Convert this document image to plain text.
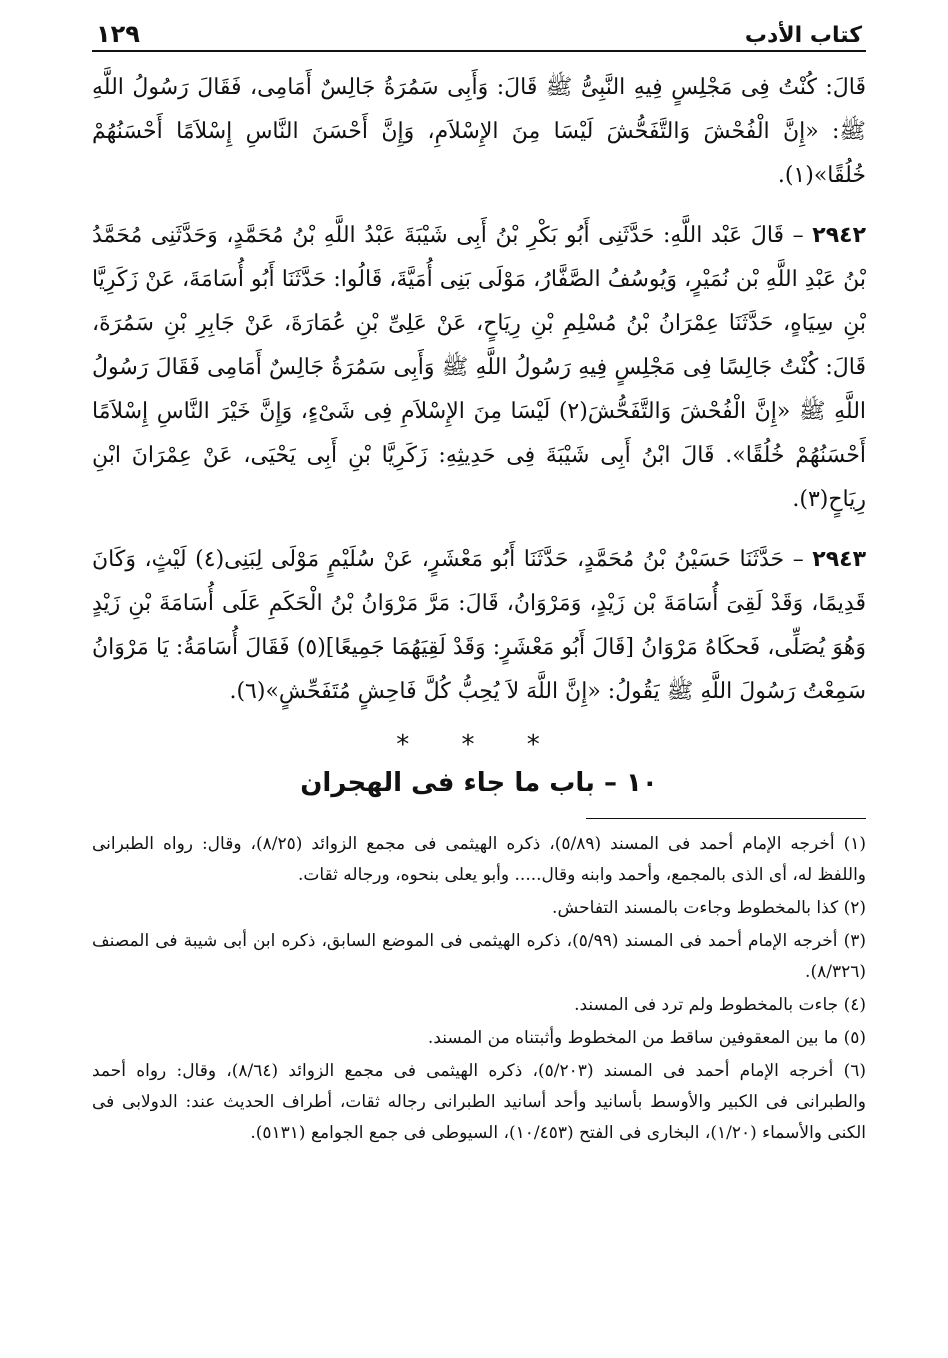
كتاب الأدب
١٢٩

قَالَ: كُنْتُ فِى مَجْلِسٍ فِيهِ النَّبِىُّ ﷺ قَالَ: وَأَبِى سَمُرَةُ جَالِسٌ أَمَامِى، فَقَالَ رَسُولُ اللَّهِ ﷺ: «إِنَّ الْفُحْشَ وَالتَّفَحُّشَ لَيْسَا مِنَ الإِسْلاَمِ، وَإِنَّ أَحْسَنَ النَّاسِ إِسْلاَمًا أَحْسَنُهُمْ خُلُقًا»(١).

٢٩٤٢ – قَالَ عَبْد اللَّهِ: حَدَّثَنِى أَبُو بَكْرِ بْنُ أَبِى شَيْبَةَ عَبْدُ اللَّهِ بْنُ مُحَمَّدٍ، وَحَدَّثَنِى مُحَمَّدُ بْنُ عَبْدِ اللَّهِ بْن نُمَيْرٍ، وَيُوسُفُ الصَّفَّارُ، مَوْلَى بَنِى أُمَيَّةَ، قَالُوا: حَدَّثَنَا أَبُو أُسَامَةَ، عَنْ زَكَرِيَّا بْنِ سِيَاهٍ، حَدَّثَنَا عِمْرَانُ بْنُ مُسْلِمِ بْنِ رِيَاحٍ، عَنْ عَلِىِّ بْنِ عُمَارَةَ، عَنْ جَابِرِ بْنِ سَمُرَةَ، قَالَ: كُنْتُ جَالِسًا فِى مَجْلِسٍ فِيهِ رَسُولُ اللَّهِ ﷺ وَأَبِى سَمُرَةُ جَالِسٌ أَمَامِى فَقَالَ رَسُولُ اللَّهِ ﷺ «إِنَّ الْفُحْشَ وَالتَّفَحُّشَ(٢) لَيْسَا مِنَ الإِسْلاَمِ فِى شَىْءٍ، وَإِنَّ خَيْرَ النَّاسِ إِسْلاَمًا أَحْسَنُهُمْ خُلُقًا». قَالَ ابْنُ أَبِى شَيْبَةَ فِى حَدِيثِهِ: زَكَرِيَّا بْنِ أَبِى يَحْيَى، عَنْ عِمْرَانَ ابْنِ رِيَاحٍ(٣).

٢٩٤٣ – حَدَّثَنَا حَسَيْنُ بْنُ مُحَمَّدٍ، حَدَّثَنَا أَبُو مَعْشَرٍ، عَنْ سُلَيْمٍ مَوْلَى لِبَنِى(٤) لَيْثٍ، وَكَانَ قَدِيمًا، وَقَدْ لَقِىَ أُسَامَةَ بْن زَيْدٍ، وَمَرْوَانُ، قَالَ: مَرَّ مَرْوَانُ بْنُ الْحَكَمِ عَلَى أُسَامَةَ بْنِ زَيْدٍ وَهُوَ يُصَلِّى، فَحكَاهُ مَرْوَانُ [قَالَ أَبُو مَعْشَرٍ: وَقَدْ لَقِيَهُمَا جَمِيعًا](٥) فَقَالَ أُسَامَةُ: يَا مَرْوَانُ سَمِعْتُ رَسُولَ اللَّهِ ﷺ يَقُولُ: «إِنَّ اللَّهَ لاَ يُحِبُّ كُلَّ فَاحِشٍ مُتَفَحِّشٍ»(٦).

* * *
١٠ – باب ما جاء فى الهجران

(١) أخرجه الإمام أحمد فى المسند (٥/٨٩)، ذكره الهيثمى فى مجمع الزوائد (٨/٢٥)، وقال: رواه الطبرانى واللفظ له، أى الذى بالمجمع، وأحمد وابنه وقال..... وأبو يعلى بنحوه، ورجاله ثقات.

(٢) كذا بالمخطوط وجاءت بالمسند التفاحش.

(٣) أخرجه الإمام أحمد فى المسند (٥/٩٩)، ذكره الهيثمى فى الموضع السابق، ذكره ابن أبى شيبة فى المصنف (٨/٣٢٦).

(٤) جاءت بالمخطوط ولم ترد فى المسند.

(٥) ما بين المعقوفين ساقط من المخطوط وأثبتناه من المسند.

(٦) أخرجه الإمام أحمد فى المسند (٥/٢٠٣)، ذكره الهيثمى فى مجمع الزوائد (٨/٦٤)، وقال: رواه أحمد والطبرانى فى الكبير والأوسط بأسانيد وأحد أسانيد الطبرانى رجاله ثقات، أطراف الحديث عند: الدولابى فى الكنى والأسماء (١/٢٠)، البخارى فى الفتح (١٠/٤٥٣)، السيوطى فى جمع الجوامع (٥١٣١).
